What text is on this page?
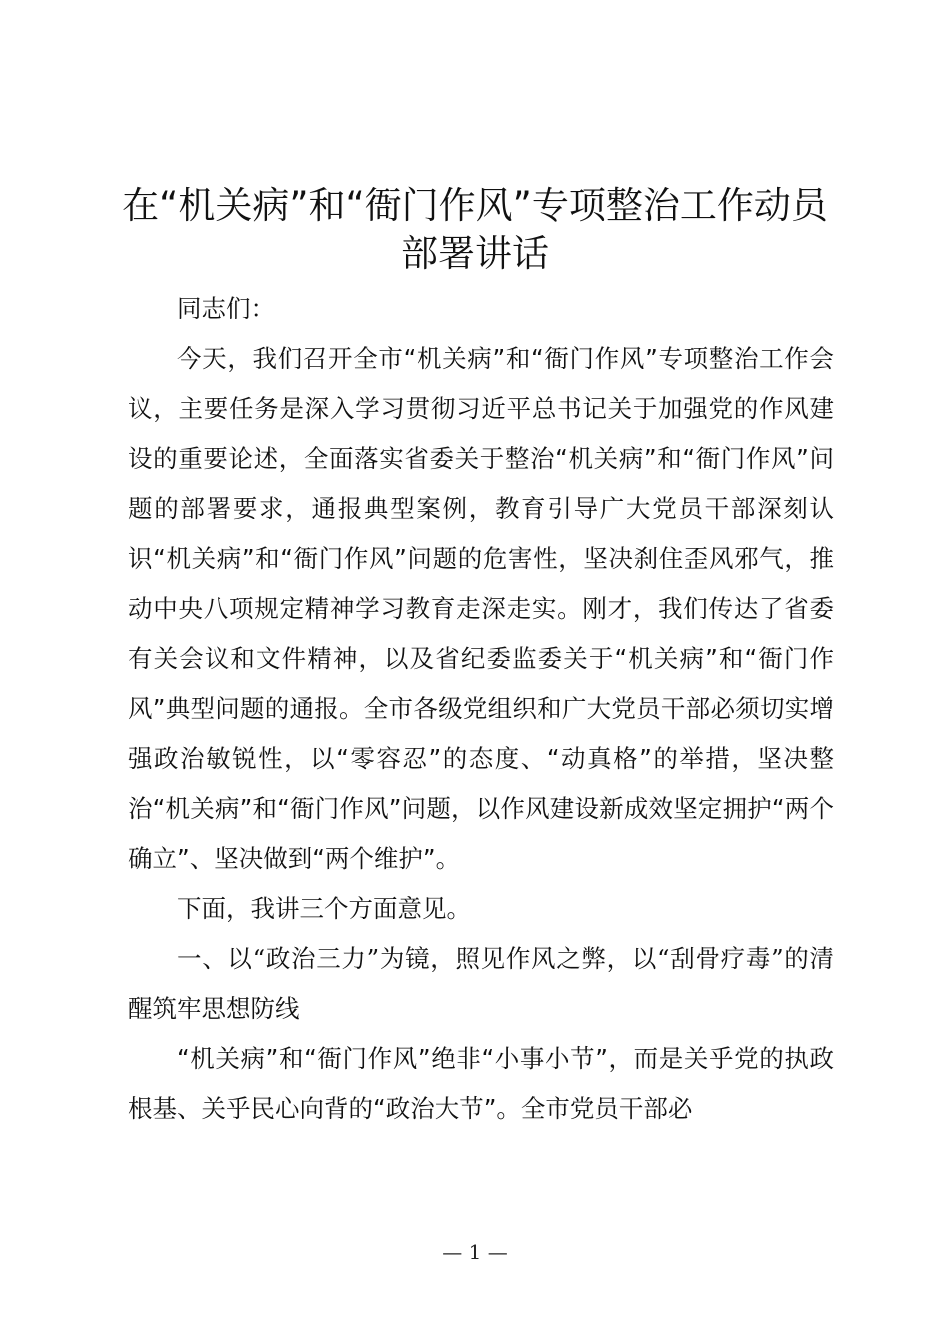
在“机关病”和“衙门作风”专项整治工作动员部署讲话

同志们：

今天，我们召开全市“机关病”和“衙门作风”专项整治工作会议，主要任务是深入学习贯彻习近平总书记关于加强党的作风建设的重要论述，全面落实省委关于整治“机关病”和“衙门作风”问题的部署要求，通报典型案例，教育引导广大党员干部深刻认识“机关病”和“衙门作风”问题的危害性，坚决刹住歪风邪气，推动中央八项规定精神学习教育走深走实。刚才，我们传达了省委有关会议和文件精神，以及省纪委监委关于“机关病”和“衙门作风”典型问题的通报。全市各级党组织和广大党员干部必须切实增强政治敏锐性，以“零容忍”的态度、“动真格”的举措，坚决整治“机关病”和“衙门作风”问题，以作风建设新成效坚定拥护“两个确立”、坚决做到“两个维护”。

下面，我讲三个方面意见。

一、以“政治三力”为镜，照见作风之弊，以“刮骨疗毒”的清醒筑牢思想防线

“机关病”和“衙门作风”绝非“小事小节”，而是关乎党的执政根基、关乎民心向背的“政治大节”。全市党员干部必

— 1 —
